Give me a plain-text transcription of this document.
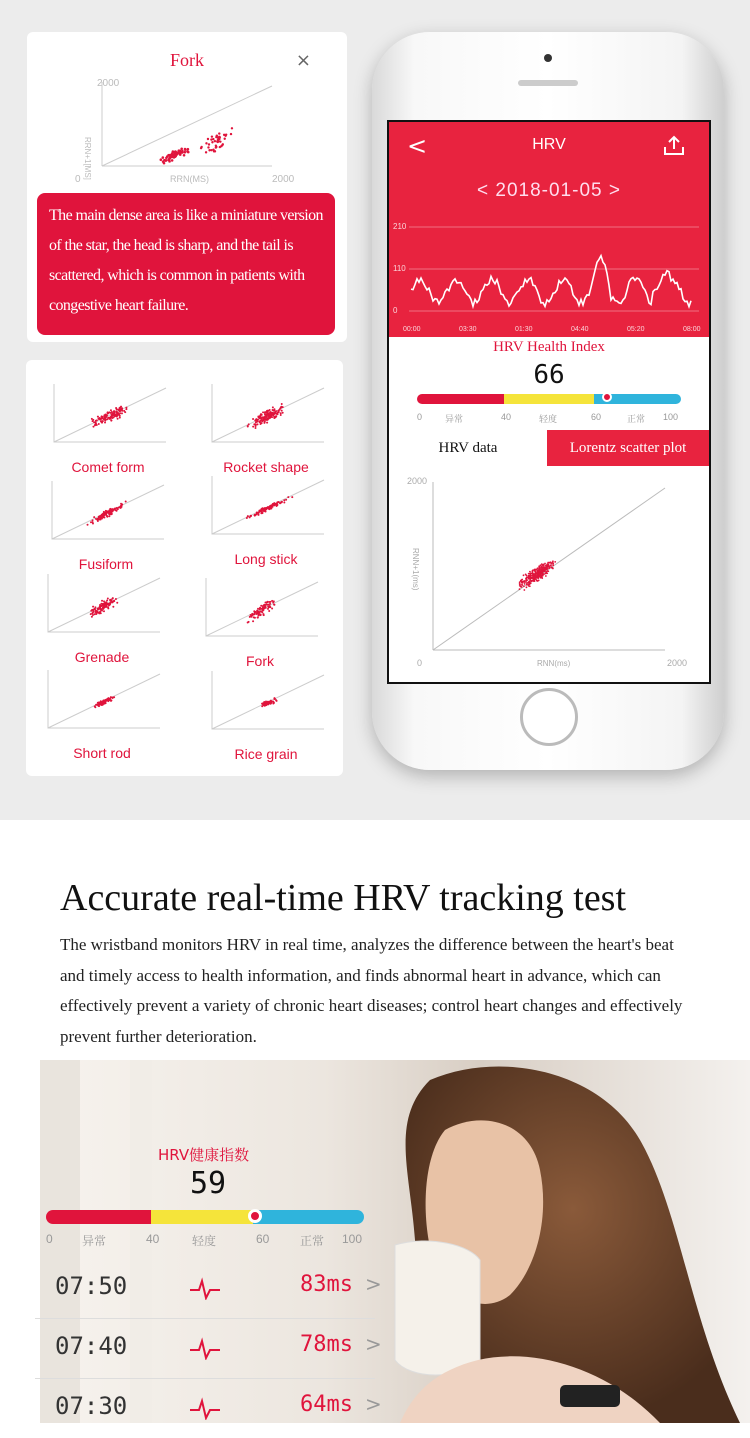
Fork	×
2000
RRN+1[MS]
0	RRN(MS)	2000
The main dense area is like a miniature version of the star, the head is sharp, and the tail is scattered, which is common in patients with congestive heart failure.
Comet form	Rocket shape
Fusiform	Long stick
Grenade	Fork
Short rod	Rice grain
<	HRV
< 2018-01-05 >
210
110
0
00:00	03:30	01:30	04:40	05:20	08:00
HRV Health Index
66
0	异常	40	轻度	60	正常 100
HRV data	Lorentz scatter plot
2000
RNN+1(ms)
0	RNN(ms)	2000
Accurate real-time HRV tracking test
The wristband monitors HRV in real time, analyzes the difference between the heart's beat and timely access to health information, and finds abnormal heart in advance, which can effectively prevent a variety of chronic heart diseases; control heart changes and effectively prevent further deterioration.
HRV健康指数
59
0 异常	40	轻度	60	正常 100
07:50	83ms >
07:40	78ms >
07:30	64ms >
